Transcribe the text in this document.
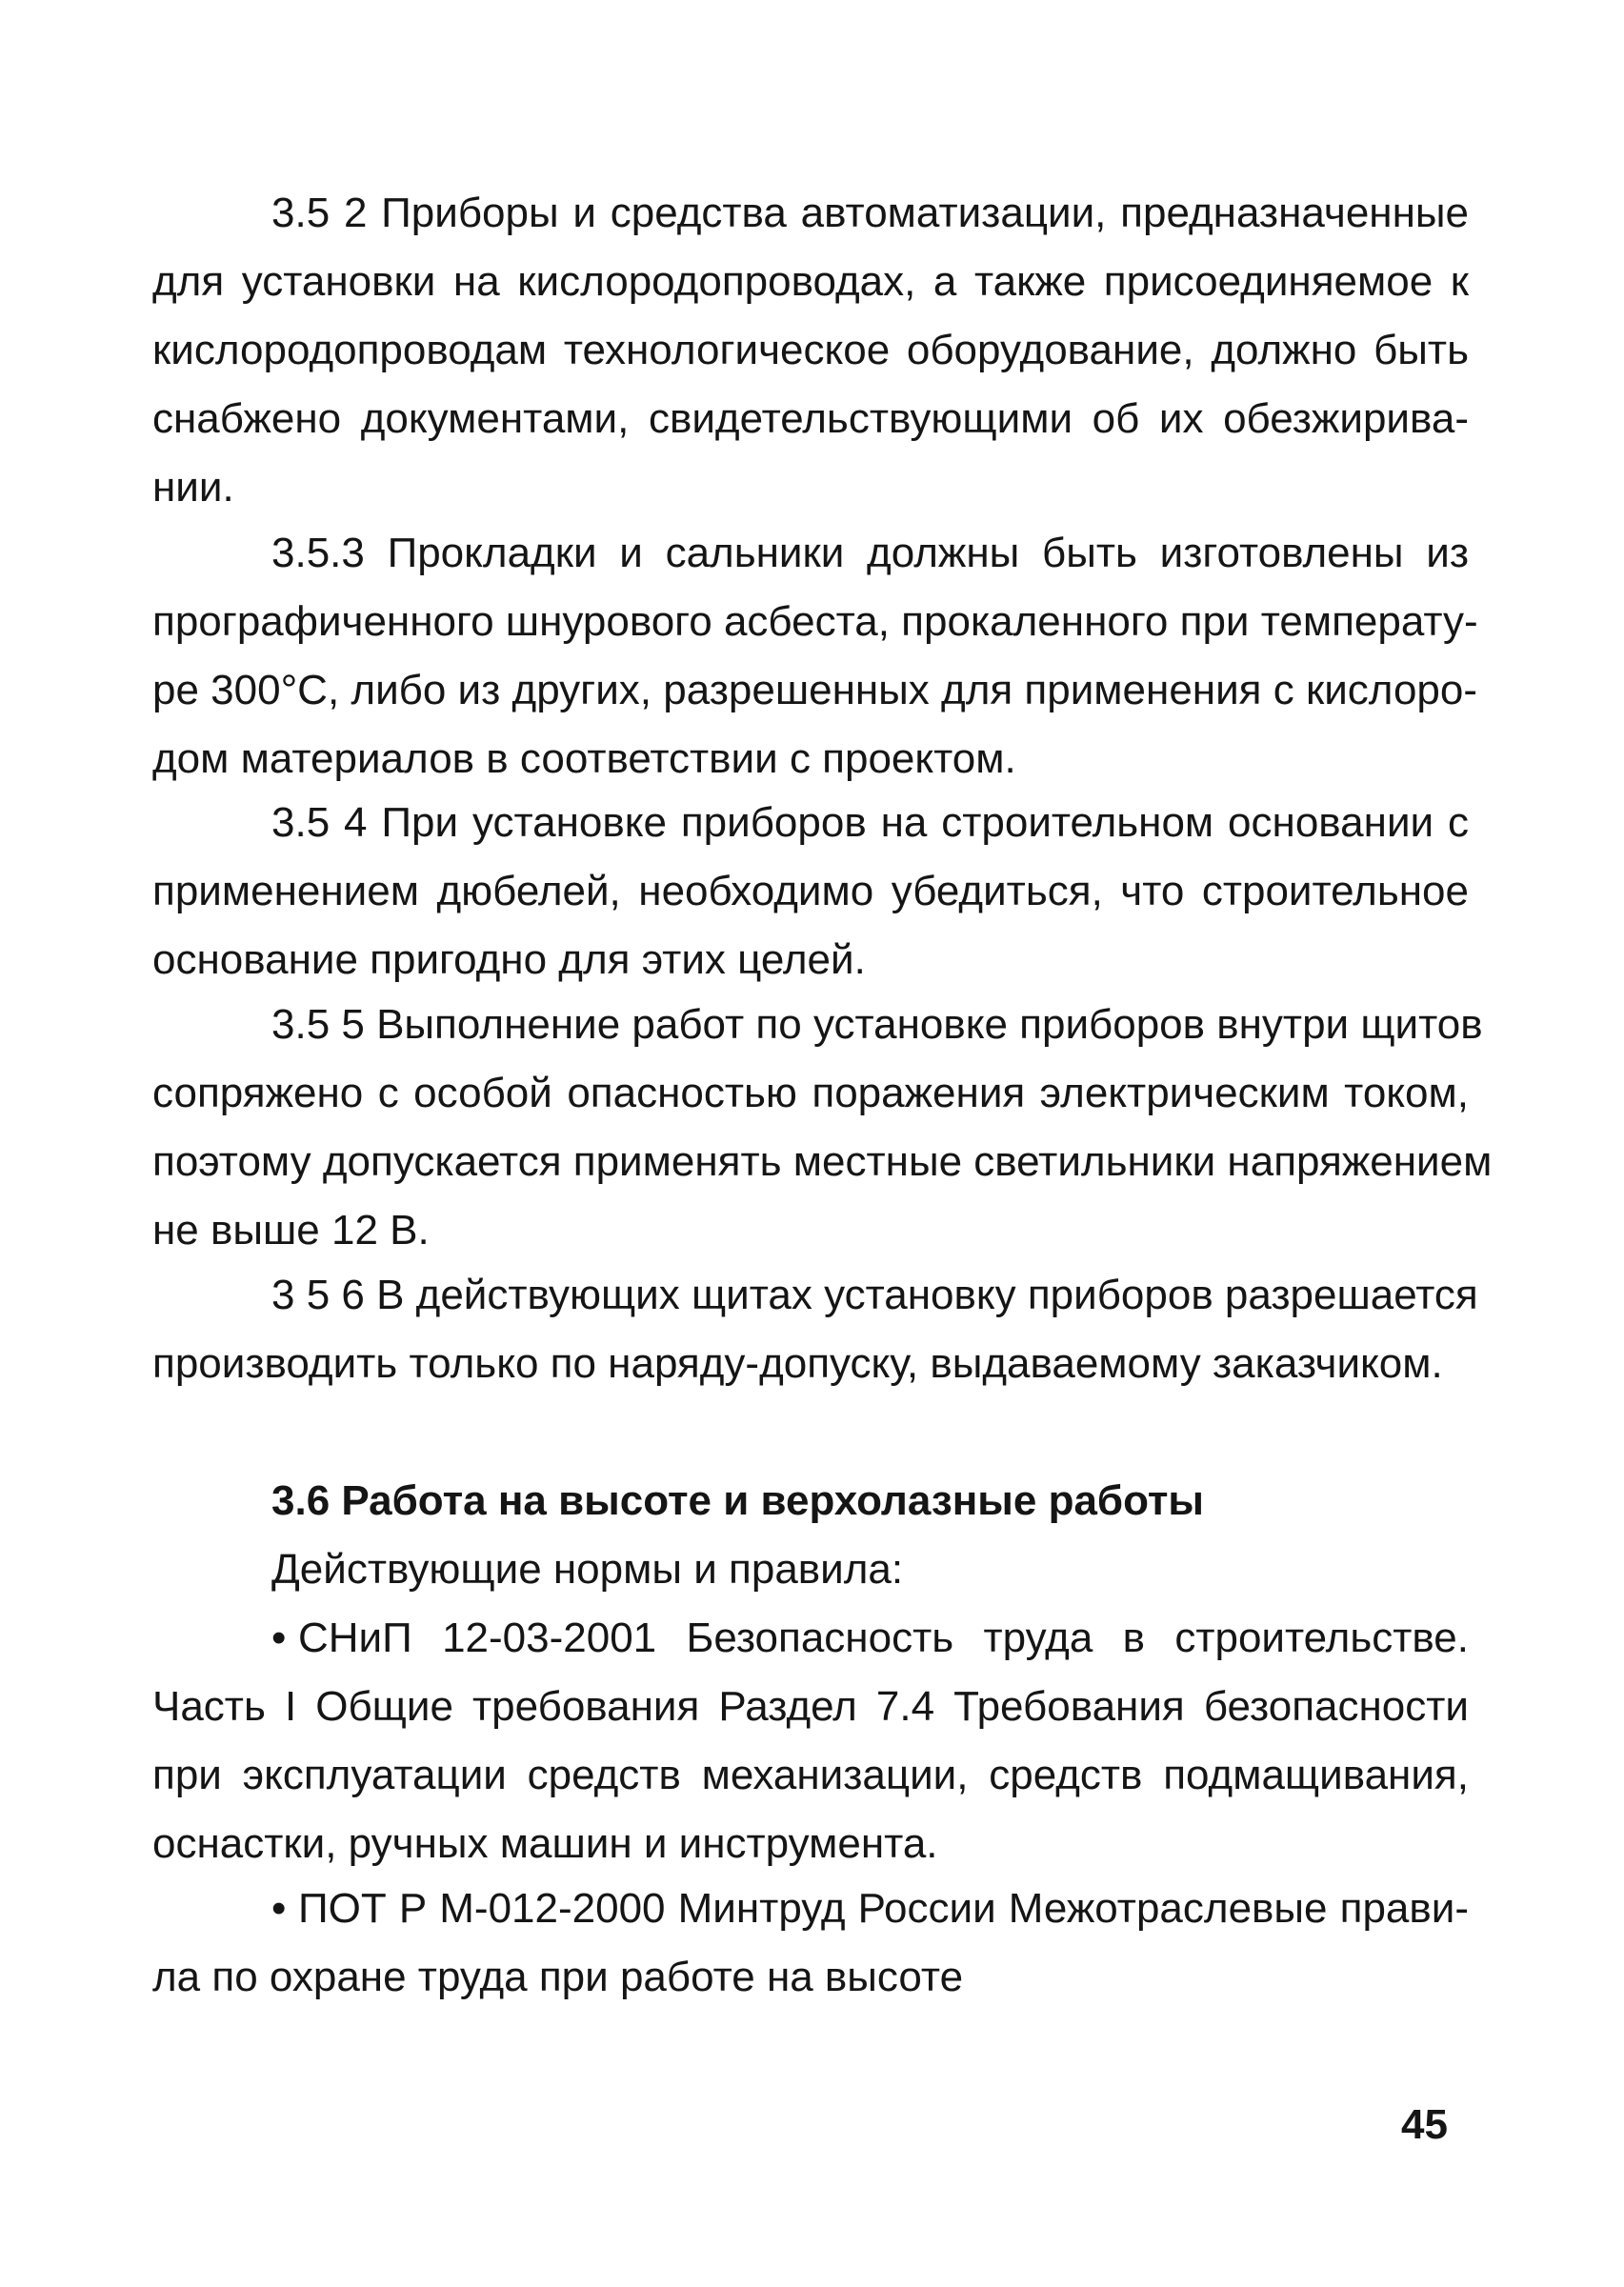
3.5 2 Приборы и средства автоматизации, предназначенные
для установки на кислородопроводах, а также присоединяемое к
кислородопроводам технологическое оборудование, должно быть
снабжено документами, свидетельствующими об их обезжирива-
нии.
3.5.3 Прокладки и сальники должны быть изготовлены из
прографиченного шнурового асбеста, прокаленного при температу-
ре 300°С, либо из других, разрешенных для применения с кислоро-
дом материалов в соответствии с проектом.
3.5 4 При установке приборов на строительном основании с
применением дюбелей, необходимо убедиться, что строительное
основание пригодно для этих целей.
3.5 5 Выполнение работ по установке приборов внутри щитов
сопряжено с особой опасностью поражения электрическим током,
поэтому допускается применять местные светильники напряжением
не выше 12 В.
3 5 6 В действующих щитах установку приборов разрешается
производить только по наряду-допуску, выдаваемому заказчиком.
3.6 Работа на высоте и верхолазные работы
Действующие нормы и правила:
• СНиП 12-03-2001 Безопасность труда в строительстве.
Часть I Общие требования Раздел 7.4 Требования безопасности
при эксплуатации средств механизации, средств подмащивания,
оснастки, ручных машин и инструмента.
• ПОТ Р М-012-2000 Минтруд России Межотраслевые прави-
ла по охране труда при работе на высоте
45
